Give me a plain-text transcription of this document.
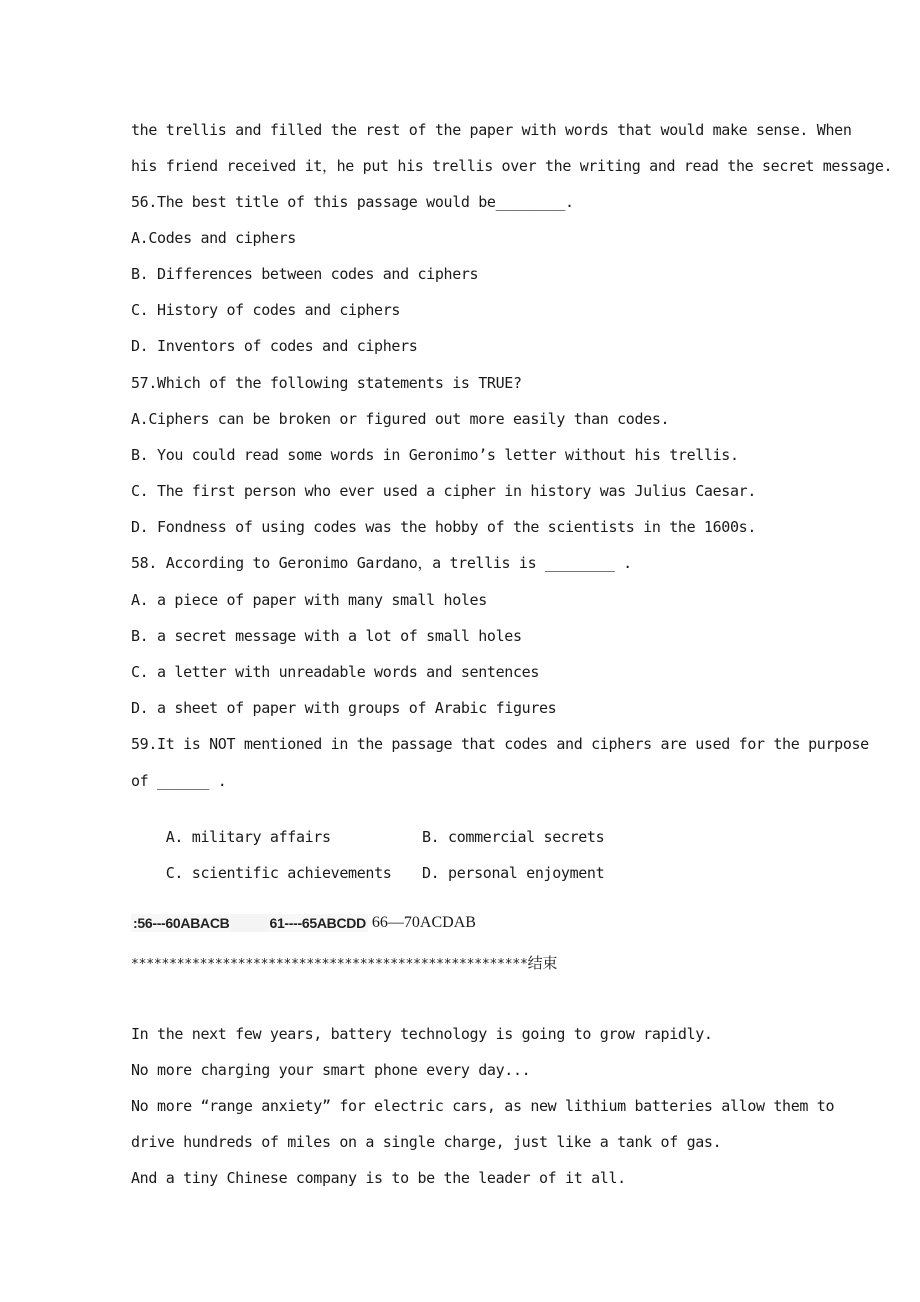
the trellis and filled the rest of the paper with words that would make sense. When
his friend received it，he put his trellis over the writing and read the secret message.
56.The best title of this passage would be________.
A.Codes and ciphers
B. Differences between codes and ciphers
C. History of codes and ciphers
D. Inventors of codes and ciphers
57.Which of the following statements is TRUE?
A.Ciphers can be broken or figured out more easily than codes.
B. You could read some words in Geronimo’s letter without his trellis.
C. The first person who ever used a cipher in history was Julius Caesar.
D. Fondness of using codes was the hobby of the scientists in the 1600s.
58. According to Geronimo Gardano，a trellis is ________ .
A. a piece of paper with many small holes
B. a secret message with a lot of small holes
C. a letter with unreadable words and sentences
D. a sheet of paper with groups of Arabic figures
59.It is NOT mentioned in the passage that codes and ciphers are used for the purpose
of ______ .

A. military affairs	B. commercial secrets

C. scientific achievements D. personal enjoyment

:56---60ABACB	61----65ABCDD 66—70ACDAB
****************************************************结束
In the next few years, battery technology is going to grow rapidly.
No more charging your smart phone every day...
No more “range anxiety” for electric cars, as new lithium batteries allow them to
drive hundreds of miles on a single charge, just like a tank of gas.
And a tiny Chinese company is to be the leader of it all.
